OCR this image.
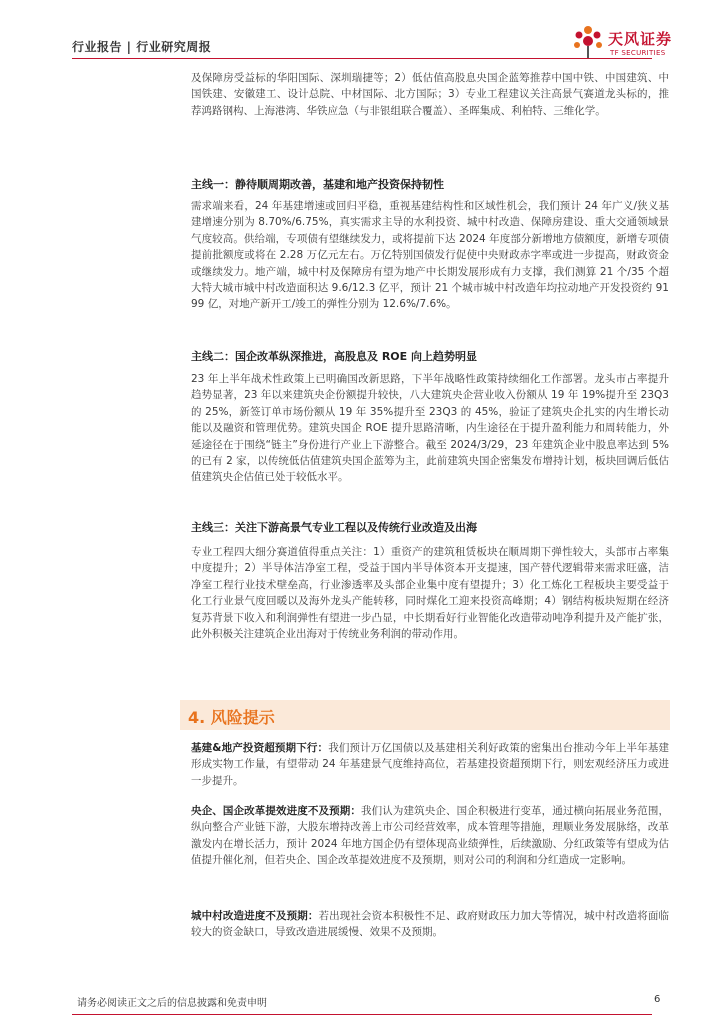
行业报告 | 行业研究周报	天风证券
TF SECURITIES

及保障房受益标的华阳国际、深圳瑞捷等；2）低估值高股息央国企蓝筹推荐中国中铁、中国建筑、中国铁建、安徽建工、设计总院、中材国际、北方国际；3）专业工程建议关注高景气赛道龙头标的，推荐鸿路钢构、上海港湾、华铁应急（与非银组联合覆盖）、圣晖集成、利柏特、三维化学。

主线一：静待顺周期改善，基建和地产投资保持韧性

需求端来看，24 年基建增速或回归平稳，重视基建结构性和区域性机会，我们预计 24 年广义/狭义基建增速分别为 8.70%/6.75%，真实需求主导的水利投资、城中村改造、保障房建设、重大交通领域景气度较高。供给端，专项债有望继续发力，或将提前下达 2024 年度部分新增地方债额度，新增专项债提前批额度或将在 2.28 万亿元左右。万亿特别国债发行促使中央财政赤字率或进一步提高，财政资金或继续发力。地产端，城中村及保障房有望为地产中长期发展形成有力支撑，我们测算 21 个/35 个超大特大城市城中村改造面积达 9.6/12.3 亿平，预计 21 个城市城中村改造年均拉动地产开发投资约 9199 亿，对地产新开工/竣工的弹性分别为 12.6%/7.6%。

主线二：国企改革纵深推进，高股息及 ROE 向上趋势明显

23 年上半年战术性政策上已明确国改新思路，下半年战略性政策持续细化工作部署。龙头市占率提升趋势显著，23 年以来建筑央企份额提升较快，八大建筑央企营业收入份额从 19 年 19%提升至 23Q3 的 25%，新签订单市场份额从 19 年 35%提升至 23Q3 的 45%，验证了建筑央企扎实的内生增长动能以及融资和管理优势。建筑央国企 ROE 提升思路清晰，内生途径在于提升盈利能力和周转能力，外延途径在于围绕“链主”身份进行产业上下游整合。截至 2024/3/29，23 年建筑企业中股息率达到 5%的已有 2 家，以传统低估值建筑央国企蓝筹为主，此前建筑央国企密集发布增持计划，板块回调后低估值建筑央企估值已处于较低水平。

主线三：关注下游高景气专业工程以及传统行业改造及出海

专业工程四大细分赛道值得重点关注：1）重资产的建筑租赁板块在顺周期下弹性较大，头部市占率集中度提升；2）半导体洁净室工程，受益于国内半导体资本开支提速，国产替代逻辑带来需求旺盛，洁净室工程行业技术壁垒高，行业渗透率及头部企业集中度有望提升；3）化工炼化工程板块主要受益于化工行业景气度回暖以及海外龙头产能转移，同时煤化工迎来投资高峰期；4）钢结构板块短期在经济复苏背景下收入和利润弹性有望进一步凸显，中长期看好行业智能化改造带动吨净利提升及产能扩张，此外积极关注建筑企业出海对于传统业务利润的带动作用。

4. 风险提示

基建&地产投资超预期下行：我们预计万亿国债以及基建相关利好政策的密集出台推动今年上半年基建形成实物工作量，有望带动 24 年基建景气度维持高位，若基建投资超预期下行，则宏观经济压力或进一步提升。

央企、国企改革提效进度不及预期：我们认为建筑央企、国企积极进行变革，通过横向拓展业务范围，纵向整合产业链下游，大股东增持改善上市公司经营效率，成本管理等措施，理顺业务发展脉络，改革激发内在增长活力，预计 2024 年地方国企仍有望体现高业绩弹性，后续激励、分红政策等有望成为估值提升催化剂，但若央企、国企改革提效进度不及预期，则对公司的利润和分红造成一定影响。

城中村改造进度不及预期：若出现社会资本积极性不足、政府财政压力加大等情况，城中村改造将面临较大的资金缺口，导致改造进展缓慢、效果不及预期。

请务必阅读正文之后的信息披露和免责申明	6
